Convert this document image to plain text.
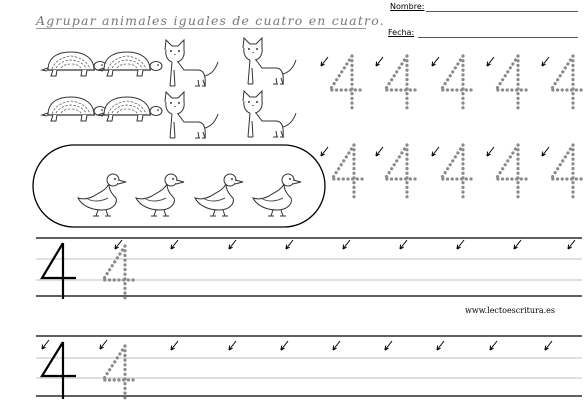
Agrupar animales iguales de cuatro en cuatro.
Nombre:
Fecha:
www.lectoescritura.es
